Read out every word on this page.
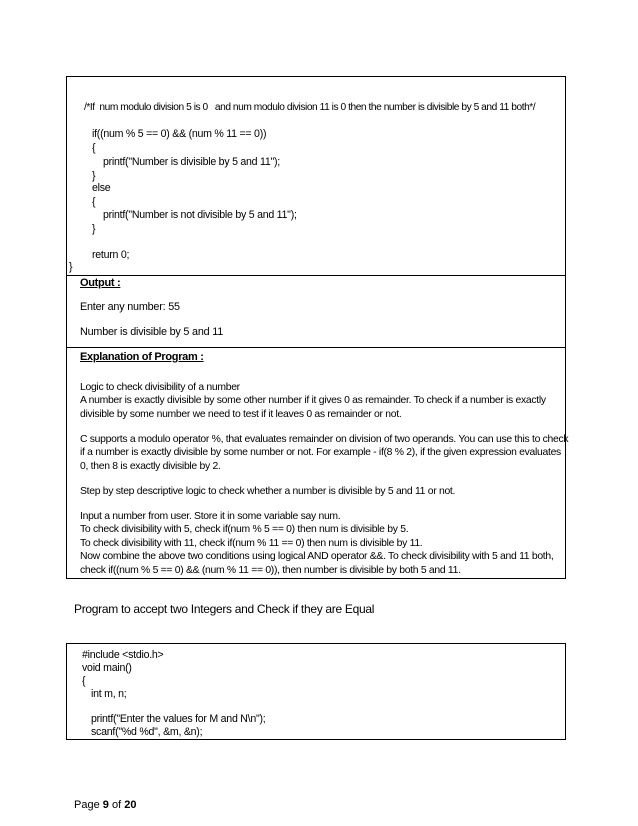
/*If  num modulo division 5 is 0   and num modulo division 11 is 0 then the number is divisible by 5 and 11 both*/
if((num % 5 == 0) && (num % 11 == 0))
{
printf("Number is divisible by 5 and 11");
}
else
{
printf("Number is not divisible by 5 and 11");
}
return 0;
}
Output :
Enter any number: 55
Number is divisible by 5 and 11
Explanation of Program :
Logic to check divisibility of a number
A number is exactly divisible by some other number if it gives 0 as remainder. To check if a number is exactly
divisible by some number we need to test if it leaves 0 as remainder or not.
C supports a modulo operator %, that evaluates remainder on division of two operands. You can use this to check
if a number is exactly divisible by some number or not. For example - if(8 % 2), if the given expression evaluates
0, then 8 is exactly divisible by 2.
Step by step descriptive logic to check whether a number is divisible by 5 and 11 or not.
Input a number from user. Store it in some variable say num.
To check divisibility with 5, check if(num % 5 == 0) then num is divisible by 5.
To check divisibility with 11, check if(num % 11 == 0) then num is divisible by 11.
Now combine the above two conditions using logical AND operator &&. To check divisibility with 5 and 11 both,
check if((num % 5 == 0) && (num % 11 == 0)), then number is divisible by both 5 and 11.
Program to accept two Integers and Check if they are Equal
#include <stdio.h>
void main()
{
int m, n;
printf("Enter the values for M and N\n");
scanf("%d %d", &m, &n);
Page 9 of 20
